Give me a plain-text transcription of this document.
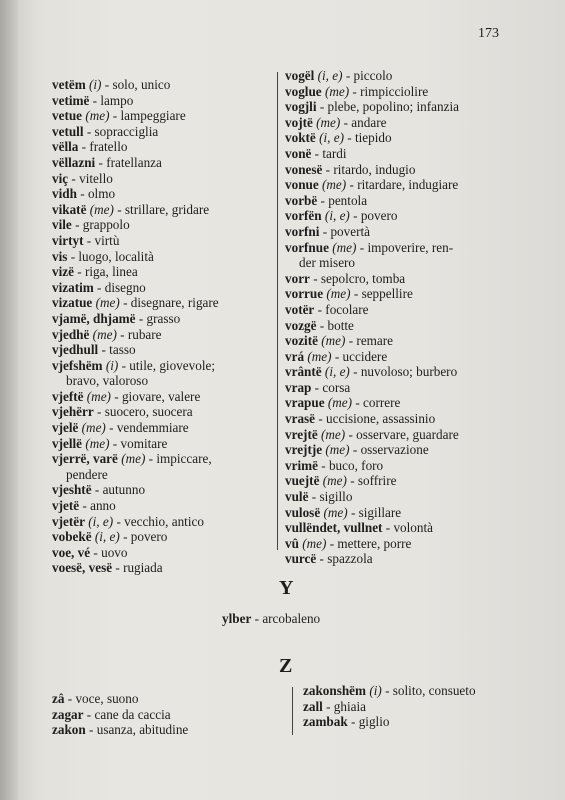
173
vetëm (i) - solo, unico
vetimë - lampo
vetue (me) - lampeggiare
vetull - sopracciglia
vëlla - fratello
vëllazni - fratellanza
viç - vitello
vidh - olmo
vikatë (me) - strillare, gridare
vile - grappolo
virtyt - virtù
vis - luogo, località
vizë - riga, linea
vizatim - disegno
vizatue (me) - disegnare, rigare
vjamë, dhjamë - grasso
vjedhë (me) - rubare
vjedhull - tasso
vjefshëm (i) - utile, giovevole;
bravo, valoroso
vjeftë (me) - giovare, valere
vjehërr - suocero, suocera
vjelë (me) - vendemmiare
vjellë (me) - vomitare
vjerrë, varë (me) - impiccare,
pendere
vjeshtë - autunno
vjetë - anno
vjetër (i, e) - vecchio, antico
vobekë (i, e) - povero
voe, vé - uovo
voesë, vesë - rugiada
vogël (i, e) - piccolo
voglue (me) - rimpicciolire
vogjli - plebe, popolino; infanzia
vojtë (me) - andare
voktë (i, e) - tiepido
vonë - tardi
vonesë - ritardo, indugio
vonue (me) - ritardare, indugiare
vorbë - pentola
vorfën (i, e) - povero
vorfni - povertà
vorfnue (me) - impoverire, ren-
der misero
vorr - sepolcro, tomba
vorrue (me) - seppellire
votër - focolare
vozgë - botte
vozitë (me) - remare
vrá (me) - uccidere
vrântë (i, e) - nuvoloso; burbero
vrap - corsa
vrapue (me) - correre
vrasë - uccisione, assassinio
vrejtë (me) - osservare, guardare
vrejtje (me) - osservazione
vrimë - buco, foro
vuejtë (me) - soffrire
vulë - sigillo
vulosë (me) - sigillare
vullëndet, vullnet - volontà
vû (me) - mettere, porre
vurcë - spazzola
Y
ylber - arcobaleno
Z
zâ - voce, suono
zagar - cane da caccia
zakon - usanza, abitudine
zakonshëm (i) - solito, consueto
zall - ghiaia
zambak - giglio
